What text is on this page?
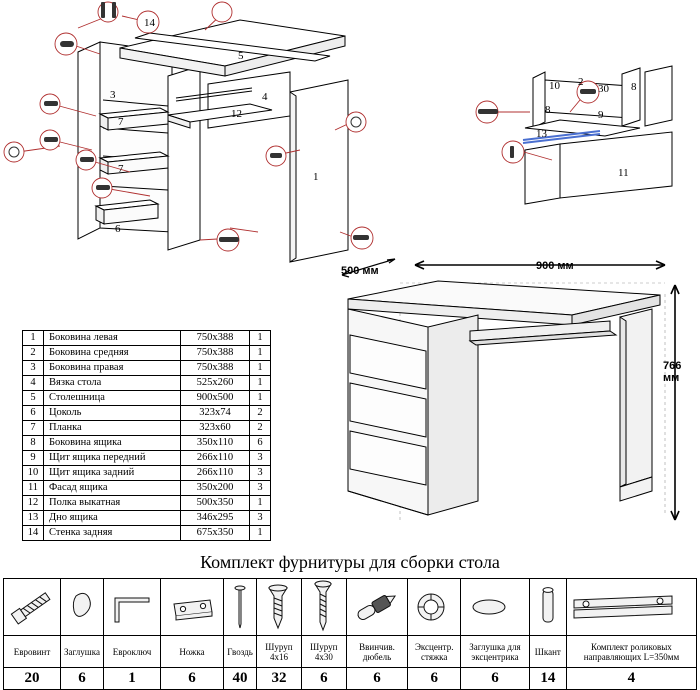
14
5
3	4
7
7
12
1
6
10 2
30 8
8	9
13
11
500 мм	900 мм
766 мм
1	Боковина левая	750х388	1
2	Боковина средняя	750х388	1
3	Боковина правая	750х388	1
4	Вязка стола	525х260	1
5	Столешница	900х500	1
6	Цоколь	323х74	2
7	Планка	323х60	2
8	Боковина ящика	350х110	6
9	Щит ящика передний	266х110	3
10	Щит ящика задний	266х110	3
11	Фасад ящика	350х200	3
12	Полка выкатная	500х350	1
13	Дно ящика	346х295	3
14	Стенка задняя	675х350	1
Комплект фурнитуры для сборки стола

Евровинт	Заглушка	Евроключ	Ножка	Гвоздь	Шуруп 4х16	Шуруп 4х30	Ввинчив. дюбель	Эксцентр. стяжка	Заглушка для эксцентрика	Шкант	Комплект роликовых направляющих L=350мм
20	6	1	6	40	32	6	6	6	6	14	4
